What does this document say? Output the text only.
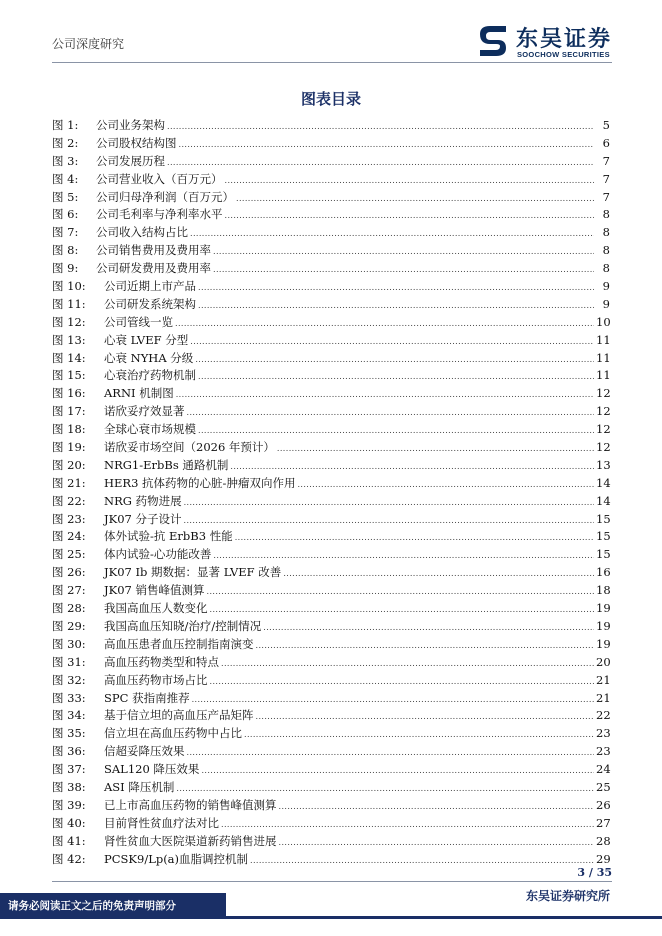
公司深度研究	东吴证券
SOOCHOW SECURITIES
图表目录
图 1:	公司业务架构 .....	5
图 2:	公司股权结构图 .....	6
图 3:	公司发展历程 .....	7
图 4:	公司营业收入（百万元） .....	7
图 5:	公司归母净利润（百万元） .....	7
图 6:	公司毛利率与净利率水平 .....	8
图 7:	公司收入结构占比 .....	8
图 8:	公司销售费用及费用率 .....	8
图 9:	公司研发费用及费用率 .....	8
图 10:	公司近期上市产品 .....	9
图 11:	公司研发系统架构 .....	9
图 12:	公司管线一览 .....	10
图 13:	心衰 LVEF 分型 .....	11
图 14:	心衰 NYHA 分级 .....	11
图 15:	心衰治疗药物机制 .....	11
图 16:	ARNI 机制图 .....	12
图 17:	诺欣妥疗效显著 .....	12
图 18:	全球心衰市场规模 .....	12
图 19:	诺欣妥市场空间（2026 年预计） .....	12
图 20:	NRG1-ErbBs 通路机制 .....	13
图 21:	HER3 抗体药物的心脏-肿瘤双向作用 .....	14
图 22:	NRG 药物进展 .....	14
图 23:	JK07 分子设计 .....	15
图 24:	体外试验-抗 ErbB3 性能 .....	15
图 25:	体内试验-心功能改善 .....	15
图 26:	JK07 Ib 期数据：显著 LVEF 改善 .....	16
图 27:	JK07 销售峰值测算 .....	18
图 28:	我国高血压人数变化 .....	19
图 29:	我国高血压知晓/治疗/控制情况 .....	19
图 30:	高血压患者血压控制指南演变 .....	19
图 31:	高血压药物类型和特点 .....	20
图 32:	高血压药物市场占比 .....	21
图 33:	SPC 获指南推荐 .....	21
图 34:	基于信立坦的高血压产品矩阵 .....	22
图 35:	信立坦在高血压药物中占比 .....	23
图 36:	信超妥降压效果 .....	23
图 37:	SAL120 降压效果 .....	24
图 38:	ASI 降压机制 .....	25
图 39:	已上市高血压药物的销售峰值测算 .....	26
图 40:	目前肾性贫血疗法对比 .....	27
图 41:	肾性贫血大医院渠道新药销售进展 .....	28
图 42:	PCSK9/Lp(a)血脂调控机制 .....	29
3 / 35
请务必阅读正文之后的免责声明部分
东吴证券研究所
